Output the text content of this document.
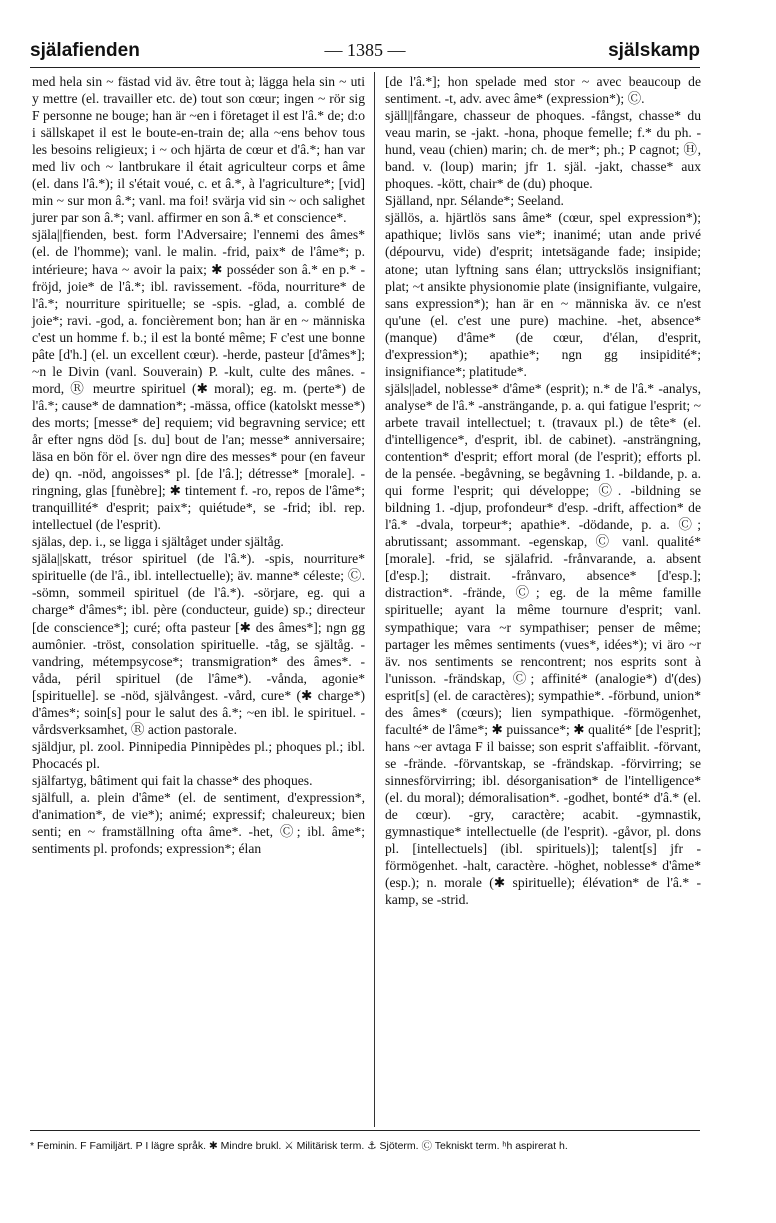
själafienden	— 1385 —	själskamp

med hela sin ~ fästad vid äv. être tout à; lägga hela sin ~ uti y mettre (el. travailler etc. de) tout son cœur; ingen ~ rör sig F personne ne bouge; han är ~en i företaget il est l'â.* de; d:o i sällskapet il est le boute-en-train de; alla ~ens behov tous les besoins religieux; i ~ och hjärta de cœur et d'â.*; han var med liv och ~ lantbrukare il était agriculteur corps et âme (el. dans l'â.*); il s'était voué, c. et â.*, à l'agriculture*; [vid] min ~ sur mon â.*; vanl. ma foi! svärja vid sin ~ och salighet jurer par son â.*; vanl. affirmer en son â.* et conscience*.

själa||fienden, best. form l'Adversaire; l'ennemi des âmes* (el. de l'homme); vanl. le malin. -frid, paix* de l'âme*; p. intérieure; hava ~ avoir la paix; ✱ posséder son â.* en p.* -fröjd, joie* de l'â.*; ibl. ravissement. -föda, nourriture* de l'â.*; nourriture spirituelle; se -spis. -glad, a. comblé de joie*; ravi. -god, a. foncièrement bon; han är en ~ människa c'est un homme f. b.; il est la bonté même; F c'est une bonne pâte [d'h.] (el. un excellent cœur). -herde, pasteur [d'âmes*]; ~n le Divin (vanl. Souverain) P. -kult, culte des mânes. -mord, Ⓡ meurtre spirituel (✱ moral); eg. m. (perte*) de l'â.*; cause* de damnation*; -mässa, office (katolskt messe*) des morts; [messe* de] requiem; vid begravning service; ett år efter ngns död [s. du] bout de l'an; messe* anniversaire; läsa en bön för el. över ngn dire des messes* pour (en faveur de) qn. -nöd, angoisses* pl. [de l'â.]; détresse* [morale]. -ringning, glas [funèbre]; ✱ tintement f. -ro, repos de l'âme*; tranquillité* d'esprit; paix*; quiétude*, se -frid; ibl. rep. intellectuel (de l'esprit).

själas, dep. i., se ligga i själtåget under själtåg.

själa||skatt, trésor spirituel (de l'â.*). -spis, nourriture* spirituelle (de l'â., ibl. intellectuelle); äv. manne* céleste; Ⓒ. -sömn, sommeil spirituel (de l'â.*). -sörjare, eg. qui a charge* d'âmes*; ibl. père (conducteur, guide) sp.; directeur [de conscience*]; curé; ofta pasteur [✱ des âmes*]; ngn gg aumônier. -tröst, consolation spirituelle. -tåg, se själtåg. -vandring, métempsycose*; transmigration* des âmes*. -våda, péril spirituel (de l'âme*). -vånda, agonie* [spirituelle]. se -nöd, självångest. -vård, cure* (✱ charge*) d'âmes*; soin[s] pour le salut des â.*; ~en ibl. le spirituel. -vårdsverksamhet, Ⓡ action pastorale.

själdjur, pl. zool. Pinnipedia Pinnipèdes pl.; phoques pl.; ibl. Phocacés pl.

själfartyg, bâtiment qui fait la chasse* des phoques.

själfull, a. plein d'âme* (el. de sentiment, d'expression*, d'animation*, de vie*); animé; expressif; chaleureux; bien senti; en ~ framställning ofta âme*. -het, Ⓒ; ibl. âme*; sentiments pl. profonds; expression*; élan

[de l'â.*]; hon spelade med stor ~ avec beaucoup de sentiment. -t, adv. avec âme* (expression*); Ⓒ.

själl||fångare, chasseur de phoques. -fångst, chasse* du veau marin, se -jakt. -hona, phoque femelle; f.* du ph. -hund, veau (chien) marin; ch. de mer*; ph.; P cagnot; Ⓗ, band. v. (loup) marin; jfr 1. själ. -jakt, chasse* aux phoques. -kött, chair* de (du) phoque.

Själland, npr. Sélande*; Seeland.

själlös, a. hjärtlös sans âme* (cœur, spel expression*); apathique; livlös sans vie*; inanimé; utan ande privé (dépourvu, vide) d'esprit; intetsägande fade; insipide; atone; utan lyftning sans élan; uttryckslös insignifiant; plat; ~t ansikte physionomie plate (insignifiante, vulgaire, sans expression*); han är en ~ människa äv. ce n'est qu'une (el. c'est une pure) machine. -het, absence* (manque) d'âme* (de cœur, d'élan, d'esprit, d'expression*); apathie*; ngn gg insipidité*; insignifiance*; platitude*.

själs||adel, noblesse* d'âme* (esprit); n.* de l'â.* -analys, analyse* de l'â.* -ansträngande, p. a. qui fatigue l'esprit; ~ arbete travail intellectuel; t. (travaux pl.) de tête* (el. d'intelligence*, d'esprit, ibl. de cabinet). -ansträngning, contention* d'esprit; effort moral (de l'esprit); efforts pl. de la pensée. -begåvning, se begåvning 1. -bildande, p. a. qui forme l'esprit; qui développe; Ⓒ. -bildning se bildning 1. -djup, profondeur* d'esp. -drift, affection* de l'â.* -dvala, torpeur*; apathie*. -dödande, p. a. Ⓒ; abrutissant; assommant. -egenskap, Ⓒ vanl. qualité* [morale]. -frid, se själafrid. -frånvarande, a. absent [d'esp.]; distrait. -frånvaro, absence* [d'esp.]; distraction*. -frände, Ⓒ; eg. de la même famille spirituelle; ayant la même tournure d'esprit; vanl. sympathique; vara ~r sympathiser; penser de même; partager les mêmes sentiments (vues*, idées*); vi äro ~r äv. nos sentiments se rencontrent; nos esprits sont à l'unisson. -frändskap, Ⓒ; affinité* (analogie*) d'(des) esprit[s] (el. de caractères); sympathie*. -förbund, union* des âmes* (cœurs); lien sympathique. -förmögenhet, faculté* de l'âme*; ✱ puissance*; ✱ qualité* [de l'esprit]; hans ~er avtaga F il baisse; son esprit s'affaiblit. -förvant, se -frände. -förvantskap, se -frändskap. -förvirring; se sinnesförvirring; ibl. désorganisation* de l'intelligence* (el. du moral); démoralisation*. -godhet, bonté* d'â.* (el. de cœur). -gry, caractère; acabit. -gymnastik, gymnastique* intellectuelle (de l'esprit). -gåvor, pl. dons pl. [intellectuels] (ibl. spirituels)]; talent[s] jfr -förmögenhet. -halt, caractère. -höghet, noblesse* d'âme* (esp.); n. morale (✱ spirituelle); élévation* de l'â.* -kamp, se -strid.

* Feminin. F Familjärt. P I lägre språk. ✱ Mindre brukl. ⚔ Militärisk term. ⚓ Sjöterm. Ⓒ Tekniskt term. ʰh aspirerat h.
